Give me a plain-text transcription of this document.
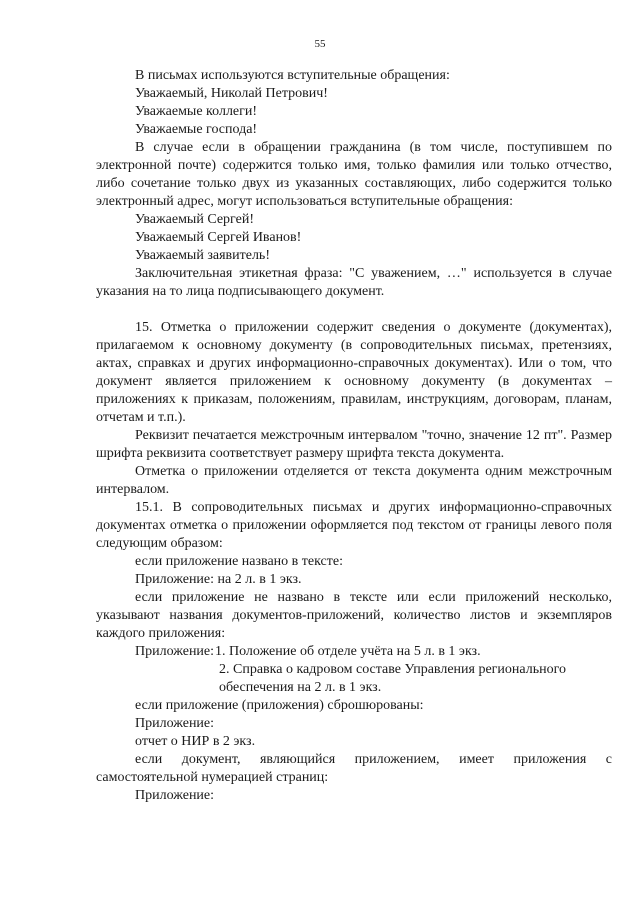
55

В письмах используются вступительные обращения:

Уважаемый, Николай Петрович!

Уважаемые коллеги!

Уважаемые господа!

В случае если в обращении гражданина (в том числе, поступившем по электронной почте) содержится только имя, только фамилия или только отчество, либо сочетание только двух из указанных составляющих, либо содержится только электронный адрес, могут использоваться вступительные обращения:

Уважаемый Сергей!

Уважаемый Сергей Иванов!

Уважаемый заявитель!

Заключительная этикетная фраза: "С уважением, …" используется в случае указания на то лица подписывающего документ.

15. Отметка о приложении содержит сведения о документе (документах), прилагаемом к основному документу (в сопроводительных письмах, претензиях, актах, справках и других информационно-справочных документах). Или о том, что документ является приложением к основному документу (в документах – приложениях к приказам, положениям, правилам, инструкциям, договорам, планам, отчетам и т.п.).

Реквизит печатается межстрочным интервалом "точно, значение 12 пт". Размер шрифта реквизита соответствует размеру шрифта текста документа.

Отметка о приложении отделяется от текста документа одним межстрочным интервалом.

15.1. В сопроводительных письмах и других информационно-справочных документах отметка о приложении оформляется под текстом от границы левого поля следующим образом:

если приложение названо в тексте:

Приложение: на 2 л. в 1 экз.

если приложение не названо в тексте или если приложений несколько, указывают названия документов-приложений, количество листов и экземпляров каждого приложения:

Приложение: 1. Положение об отделе учёта на 5 л. в 1 экз.
2. Справка о кадровом составе Управления регионального обеспечения на 2 л. в 1 экз.

если приложение (приложения) сброшюрованы:

Приложение:

отчет о НИР в 2 экз.

если документ, являющийся приложением, имеет приложения с самостоятельной нумерацией страниц:

Приложение:
